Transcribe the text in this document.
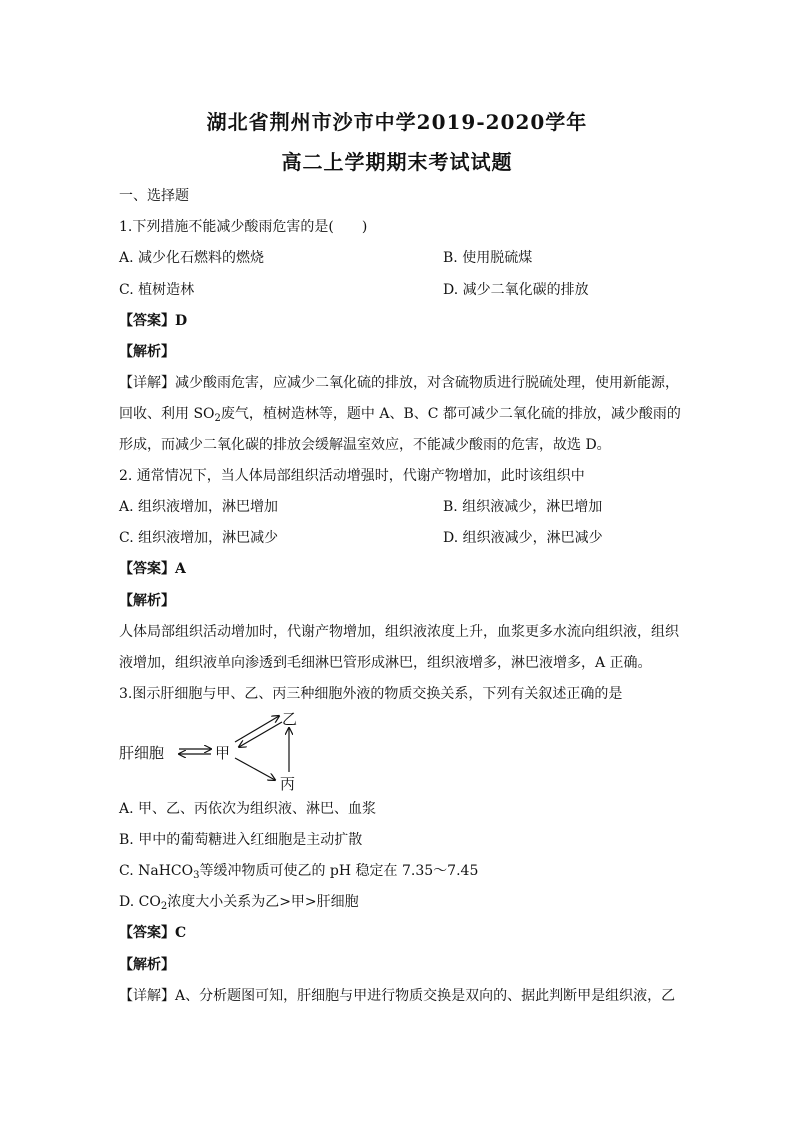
湖北省荆州市沙市中学2019-2020学年
高二上学期期末考试试题
一、选择题
1.下列措施不能减少酸雨危害的是(　　)
A. 减少化石燃料的燃烧	B. 使用脱硫煤
C. 植树造林	D. 减少二氧化碳的排放
【答案】D
【解析】
【详解】减少酸雨危害，应减少二氧化硫的排放，对含硫物质进行脱硫处理，使用新能源，
回收、利用 $SO_2$废气，植树造林等，题中 A、B、C 都可减少二氧化硫的排放，减少酸雨的
形成，而减少二氧化碳的排放会缓解温室效应，不能减少酸雨的危害，故选 D。
2. 通常情况下，当人体局部组织活动增强时，代谢产物增加，此时该组织中
A. 组织液增加，淋巴增加	B. 组织液减少，淋巴增加
C. 组织液增加，淋巴减少	D. 组织液减少，淋巴减少
【答案】A
【解析】
人体局部组织活动增加时，代谢产物增加，组织液浓度上升，血浆更多水流向组织液，组织
液增加，组织液单向渗透到毛细淋巴管形成淋巴，组织液增多，淋巴液增多，A 正确。
3.图示肝细胞与甲、乙、丙三种细胞外液的物质交换关系，下列有关叙述正确的是
肝细胞	甲
乙
丙
A. 甲、乙、丙依次为组织液、淋巴、血浆
B. 甲中的葡萄糖进入红细胞是主动扩散
C. NaHCO$_3$等缓冲物质可使乙的 pH 稳定在 7.35～7.45
D. $CO_2$浓度大小关系为乙>甲>肝细胞
【答案】C
【解析】
【详解】A、分析题图可知，肝细胞与甲进行物质交换是双向的、据此判断甲是组织液，乙
